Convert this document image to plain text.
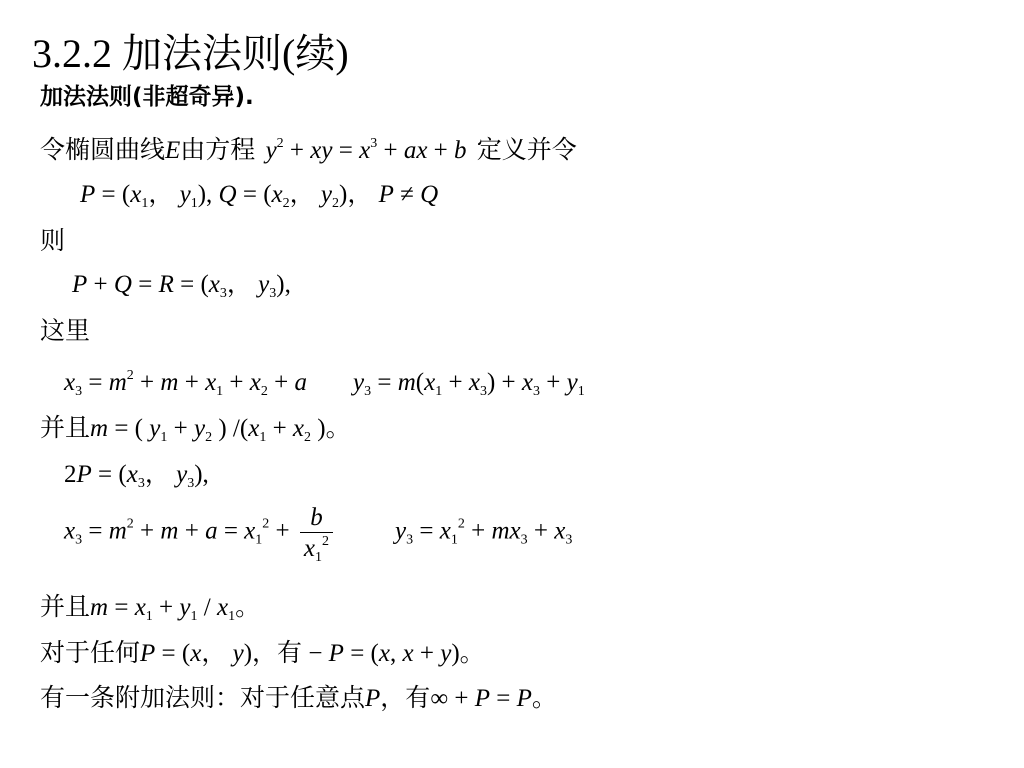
3.2.2 加法法则(续)
加法法则(非超奇异).
令椭圆曲线E由方程 $y^2$ + xy = $x^3$ + ax + b 定义并令
$P = (x_1$， $y_1$), $Q = (x_2$， $y_2$)， P ≠ Q
则
$P + Q = R = (x_3$， $y_3$),
这里
$x_3 = m^2 + m + x_1 + x_2 + a$ $y_3 = m(x_1 + x_3) + x_3 + y_1$
并且m = ( $y_1 + y_2$ ) $/(x_1 + x_2$ )。
$2P = (x_3$， $y_3$),
$x_3 = m^2 + m + a = x_1^2 + \frac{b}{x_1^2} y_3 = x_1^2 + mx_3 + x_3$
并且$m = x_1 + y_1 / x_1$。
对于任何P = (x， y)，有 − P = (x, x + y)。
有一条附加法则：对于任意点P，有∞ + P = P。
